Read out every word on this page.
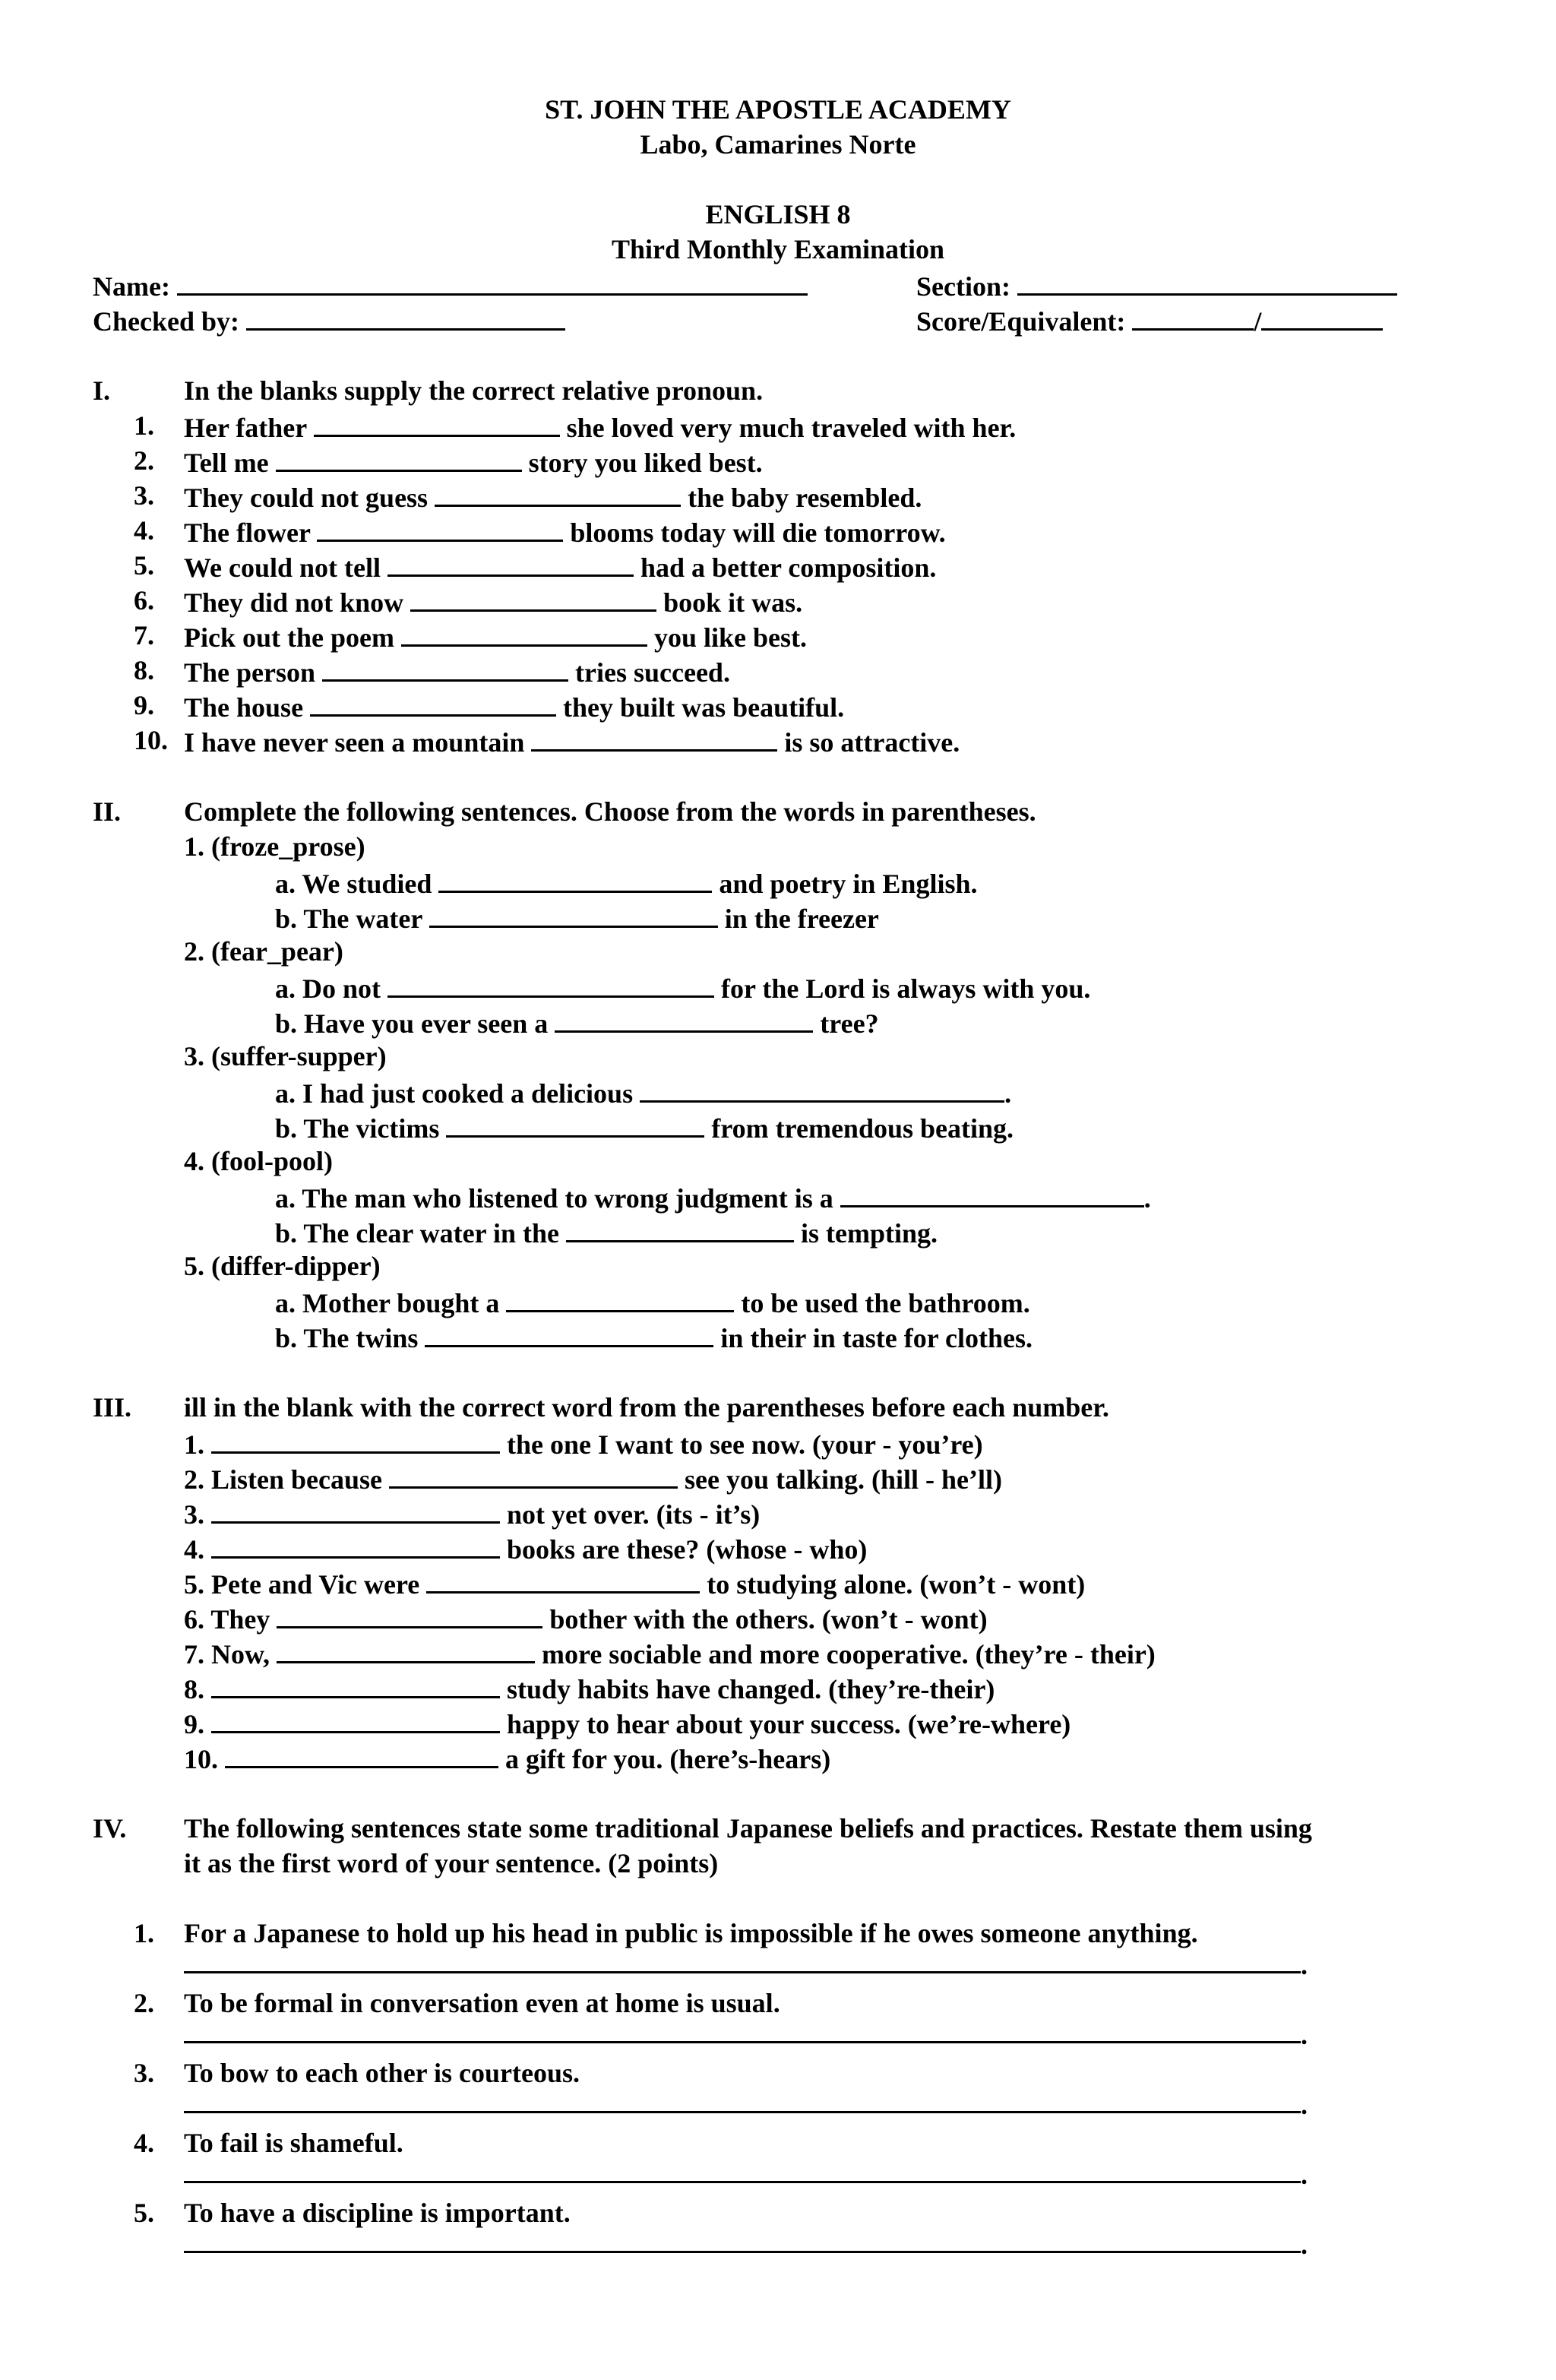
ST. JOHN THE APOSTLE ACADEMY
Labo, Camarines Norte
ENGLISH 8
Third Monthly Examination
Name:	Section:
Checked by:	Score/Equivalent:	/
I.	In the blanks supply the correct relative pronoun.
1. Her father	she loved very much traveled with her.
2. Tell me	story you liked best.
3. They could not guess	the baby resembled.
4. The flower	blooms today will die tomorrow.
5. We could not tell	had a better composition.
6. They did not know	book it was.
7. Pick out the poem	you like best.
8. The person	tries succeed.
9. The house	they built was beautiful.
10. I have never seen a mountain	is so attractive.
II. Complete the following sentences. Choose from the words in parentheses.
1. (froze_prose)
a. We studied	and poetry in English.
b. The water	in the freezer
2. (fear_pear)
a. Do not	for the Lord is always with you.
b. Have you ever seen a	tree?
3. (suffer-supper)
a. I had just cooked a delicious	.
b. The victims	from tremendous beating.
4. (fool-pool)
a. The man who listened to wrong judgment is a	.
b. The clear water in the	is tempting.
5. (differ-dipper)
a. Mother bought a	to be used the bathroom.
b. The twins	in their in taste for clothes.
III. ill in the blank with the correct word from the parentheses before each number.
1.	the one I want to see now. (your - you’re)
2. Listen because	see you talking. (hill - he’ll)
3.	not yet over. (its - it’s)
4.	books are these? (whose - who)
5. Pete and Vic were	to studying alone. (won’t - wont)
6. They	bother with the others. (won’t - wont)
7. Now,	more sociable and more cooperative. (they’re - their)
8.	study habits have changed. (they’re-their)
9.	happy to hear about your success. (we’re-where)
10.	a gift for you. (here’s-hears)
IV. The following sentences state some traditional Japanese beliefs and practices. Restate them using
it as the first word of your sentence. (2 points)
1. For a Japanese to hold up his head in public is impossible if he owes someone anything.
.
2. To be formal in conversation even at home is usual.
.
3. To bow to each other is courteous.
.
4. To fail is shameful.
.
5. To have a discipline is important.
.
